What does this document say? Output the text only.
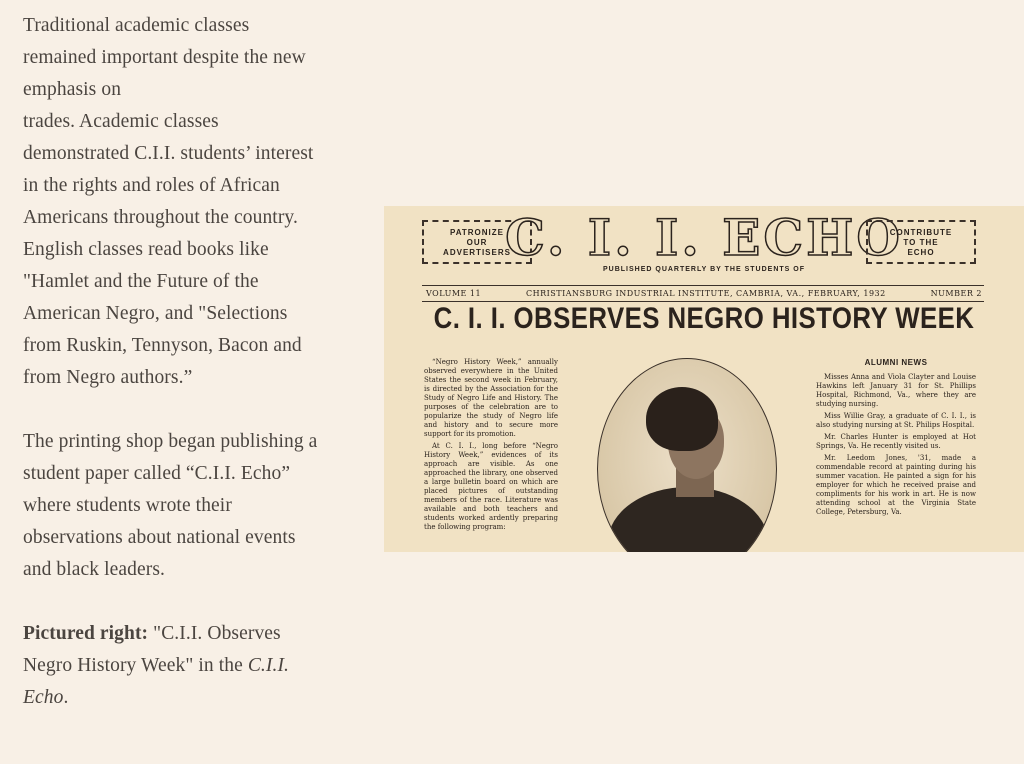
Traditional academic classes remained important despite the new emphasis on
trades. Academic classes demonstrated C.I.I. students’ interest in the rights and roles of African Americans throughout the country. English classes read books like "Hamlet and the Future of the American Negro, and "Selections from Ruskin, Tennyson, Bacon and from Negro authors.”

The printing shop began publishing a student paper called “C.I.I. Echo” where students wrote their observations about national events and black leaders.

Pictured right: "C.I.I. Observes Negro History Week" in the C.I.I. Echo.

PATRONIZE
OUR
ADVERTISERS
C. I. I. ECHO
CONTRIBUTE
TO THE
ECHO
PUBLISHED QUARTERLY BY THE STUDENTS OF
VOLUME 11	CHRISTIANSBURG INDUSTRIAL INSTITUTE, CAMBRIA, VA., FEBRUARY, 1932	NUMBER 2
C. I. I. OBSERVES NEGRO HISTORY WEEK

“Negro History Week,” annually observed everywhere in the United States the second week in February, is directed by the Association for the Study of Negro Life and History. The purposes of the celebration are to popularize the study of Negro life and history and to secure more support for its promotion.

At C. I. I., long before “Negro History Week,” evidences of its approach are visible. As one approached the library, one observed a large bulletin board on which are placed pictures of outstanding members of the race. Literature was available and both teachers and students worked ardently preparing the following program:

ALUMNI NEWS

Misses Anna and Viola Clayter and Louise Hawkins left January 31 for St. Phillips Hospital, Richmond, Va., where they are studying nursing.

Miss Willie Gray, a graduate of C. I. I., is also studying nursing at St. Philips Hospital.

Mr. Charles Hunter is employed at Hot Springs, Va. He recently visited us.

Mr. Leedom Jones, '31, made a commendable record at painting during his summer vacation. He painted a sign for his employer for which he received praise and compliments for his work in art. He is now attending school at the Virginia State College, Petersburg, Va.
